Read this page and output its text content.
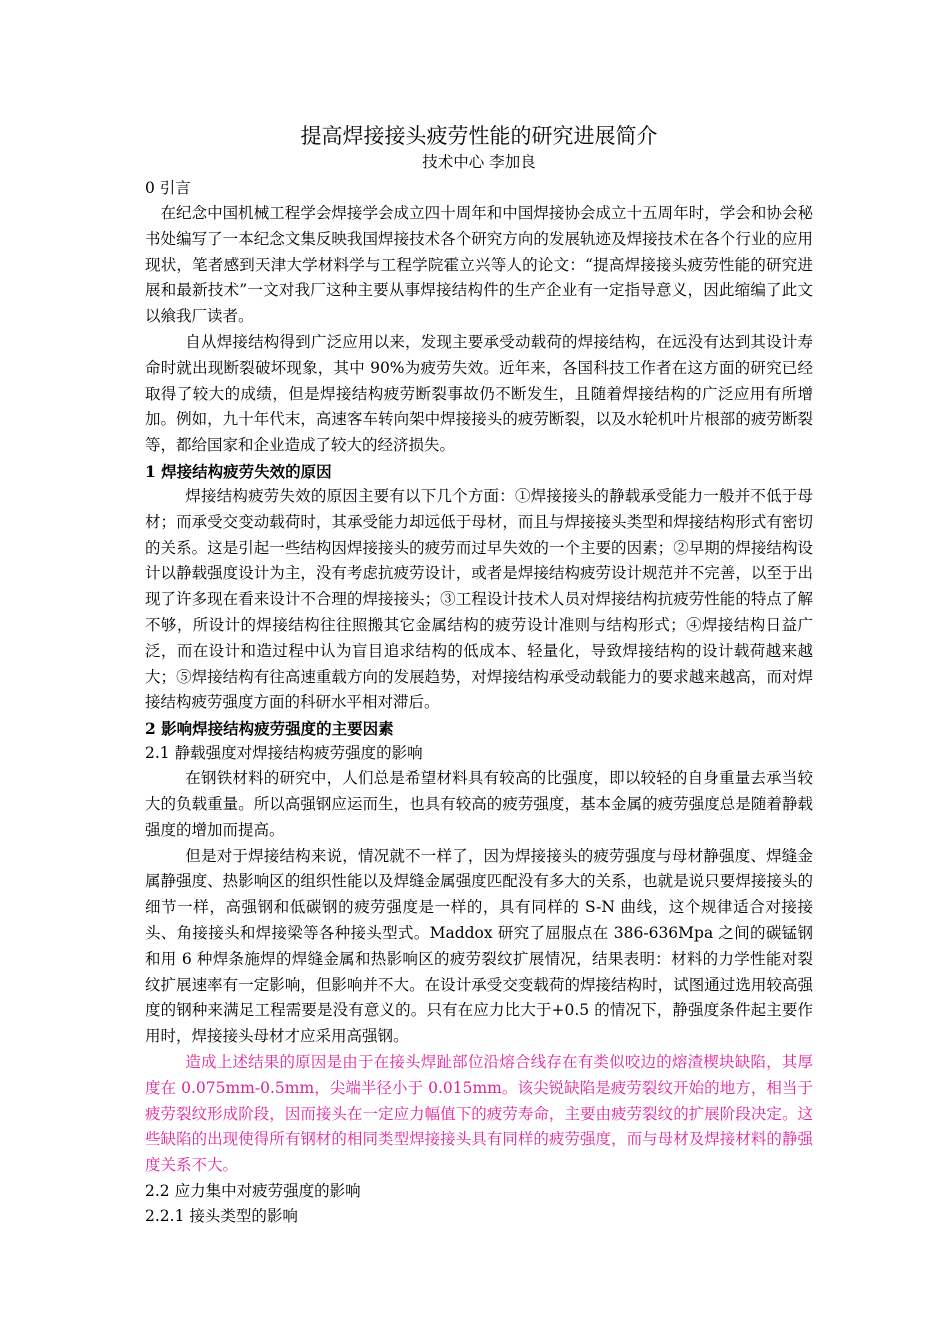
提高焊接接头疲劳性能的研究进展简介

技术中心 李加良

0 引言

在纪念中国机械工程学会焊接学会成立四十周年和中国焊接协会成立十五周年时，学会和协会秘书处编写了一本纪念文集反映我国焊接技术各个研究方向的发展轨迹及焊接技术在各个行业的应用现状，笔者感到天津大学材料学与工程学院霍立兴等人的论文：“提高焊接接头疲劳性能的研究进展和最新技术”一文对我厂这种主要从事焊接结构件的生产企业有一定指导意义，因此缩编了此文以飨我厂读者。

自从焊接结构得到广泛应用以来，发现主要承受动载荷的焊接结构，在远没有达到其设计寿命时就出现断裂破坏现象，其中 90%为疲劳失效。近年来，各国科技工作者在这方面的研究已经取得了较大的成绩，但是焊接结构疲劳断裂事故仍不断发生，且随着焊接结构的广泛应用有所增加。例如，九十年代末，高速客车转向架中焊接接头的疲劳断裂，以及水轮机叶片根部的疲劳断裂等，都给国家和企业造成了较大的经济损失。

1 焊接结构疲劳失效的原因

焊接结构疲劳失效的原因主要有以下几个方面：①焊接接头的静载承受能力一般并不低于母材；而承受交变动载荷时，其承受能力却远低于母材，而且与焊接接头类型和焊接结构形式有密切的关系。这是引起一些结构因焊接接头的疲劳而过早失效的一个主要的因素；②早期的焊接结构设计以静载强度设计为主，没有考虑抗疲劳设计，或者是焊接结构疲劳设计规范并不完善，以至于出现了许多现在看来设计不合理的焊接接头；③工程设计技术人员对焊接结构抗疲劳性能的特点了解不够，所设计的焊接结构往往照搬其它金属结构的疲劳设计准则与结构形式；④焊接结构日益广泛，而在设计和造过程中认为盲目追求结构的低成本、轻量化，导致焊接结构的设计载荷越来越大；⑤焊接结构有往高速重载方向的发展趋势，对焊接结构承受动载能力的要求越来越高，而对焊接结构疲劳强度方面的科研水平相对滞后。

2 影响焊接结构疲劳强度的主要因素

2.1 静载强度对焊接结构疲劳强度的影响

在钢铁材料的研究中，人们总是希望材料具有较高的比强度，即以较轻的自身重量去承当较大的负载重量。所以高强钢应运而生，也具有较高的疲劳强度，基本金属的疲劳强度总是随着静载强度的增加而提高。

但是对于焊接结构来说，情况就不一样了，因为焊接接头的疲劳强度与母材静强度、焊缝金属静强度、热影响区的组织性能以及焊缝金属强度匹配没有多大的关系，也就是说只要焊接接头的细节一样，高强钢和低碳钢的疲劳强度是一样的，具有同样的 S-N 曲线，这个规律适合对接接头、角接接头和焊接梁等各种接头型式。Maddox 研究了屈服点在 386-636Mpa 之间的碳锰钢和用 6 种焊条施焊的焊缝金属和热影响区的疲劳裂纹扩展情况，结果表明：材料的力学性能对裂纹扩展速率有一定影响，但影响并不大。在设计承受交变载荷的焊接结构时，试图通过选用较高强度的钢种来满足工程需要是没有意义的。只有在应力比大于+0.5 的情况下，静强度条件起主要作用时，焊接接头母材才应采用高强钢。

造成上述结果的原因是由于在接头焊趾部位沿熔合线存在有类似咬边的熔渣楔块缺陷，其厚度在 0.075mm-0.5mm，尖端半径小于 0.015mm。该尖锐缺陷是疲劳裂纹开始的地方，相当于疲劳裂纹形成阶段，因而接头在一定应力幅值下的疲劳寿命，主要由疲劳裂纹的扩展阶段决定。这些缺陷的出现使得所有钢材的相同类型焊接接头具有同样的疲劳强度，而与母材及焊接材料的静强度关系不大。

2.2 应力集中对疲劳强度的影响

2.2.1 接头类型的影响
